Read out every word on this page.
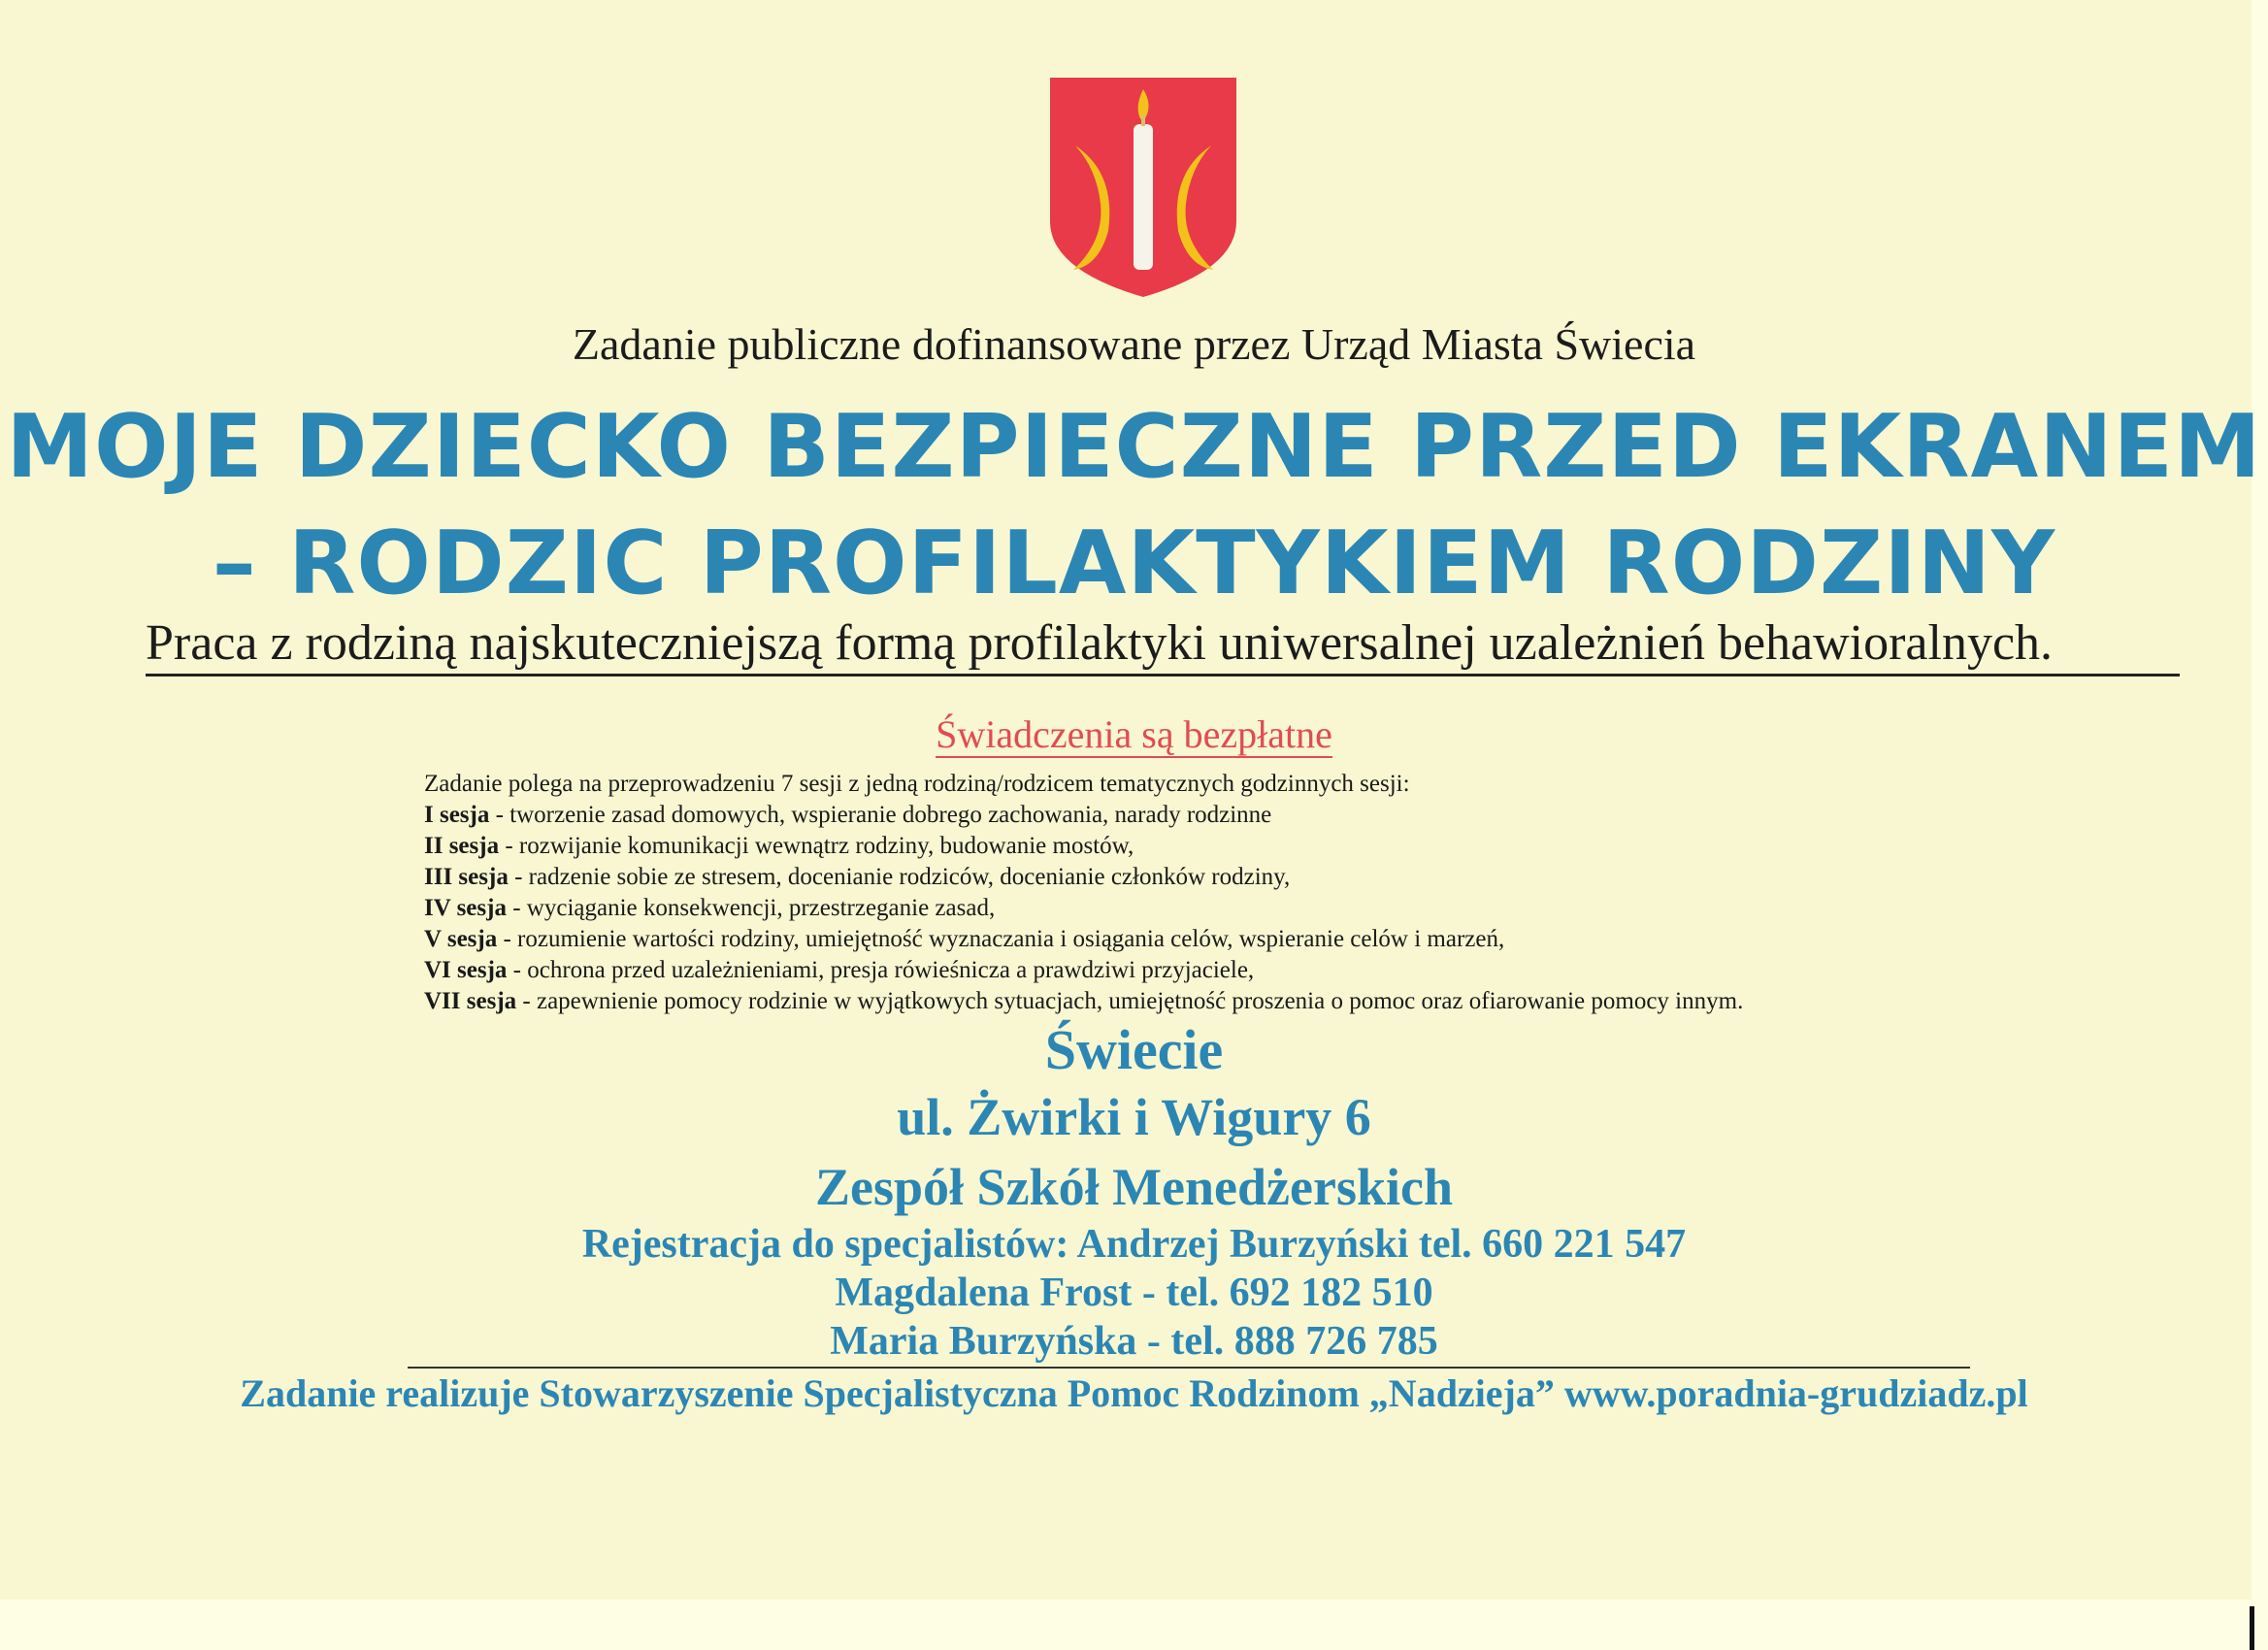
Zadanie publiczne dofinansowane przez Urząd Miasta Świecia
MOJE DZIECKO BEZPIECZNE PRZED EKRANEM
– RODZIC PROFILAKTYKIEM RODZINY
Praca z rodziną najskuteczniejszą formą profilaktyki uniwersalnej uzależnień behawioralnych.
Świadczenia są bezpłatne
Zadanie polega na przeprowadzeniu 7 sesji z jedną rodziną/rodzicem tematycznych godzinnych sesji:
I sesja - tworzenie zasad domowych, wspieranie dobrego zachowania, narady rodzinne
II sesja - rozwijanie komunikacji wewnątrz rodziny, budowanie mostów,
III sesja - radzenie sobie ze stresem, docenianie rodziców, docenianie członków rodziny,
IV sesja - wyciąganie konsekwencji, przestrzeganie zasad,
V sesja - rozumienie wartości rodziny, umiejętność wyznaczania i osiągania celów, wspieranie celów i marzeń,
VI sesja - ochrona przed uzależnieniami, presja rówieśnicza a prawdziwi przyjaciele,
VII sesja - zapewnienie pomocy rodzinie w wyjątkowych sytuacjach, umiejętność proszenia o pomoc oraz ofiarowanie pomocy innym.
Świecie
ul. Żwirki i Wigury 6
Zespół Szkół Menedżerskich
Rejestracja do specjalistów: Andrzej Burzyński tel. 660 221 547
Magdalena Frost - tel. 692 182 510
Maria Burzyńska - tel. 888 726 785
Zadanie realizuje Stowarzyszenie Specjalistyczna Pomoc Rodzinom „Nadzieja” www.poradnia-grudziadz.pl
